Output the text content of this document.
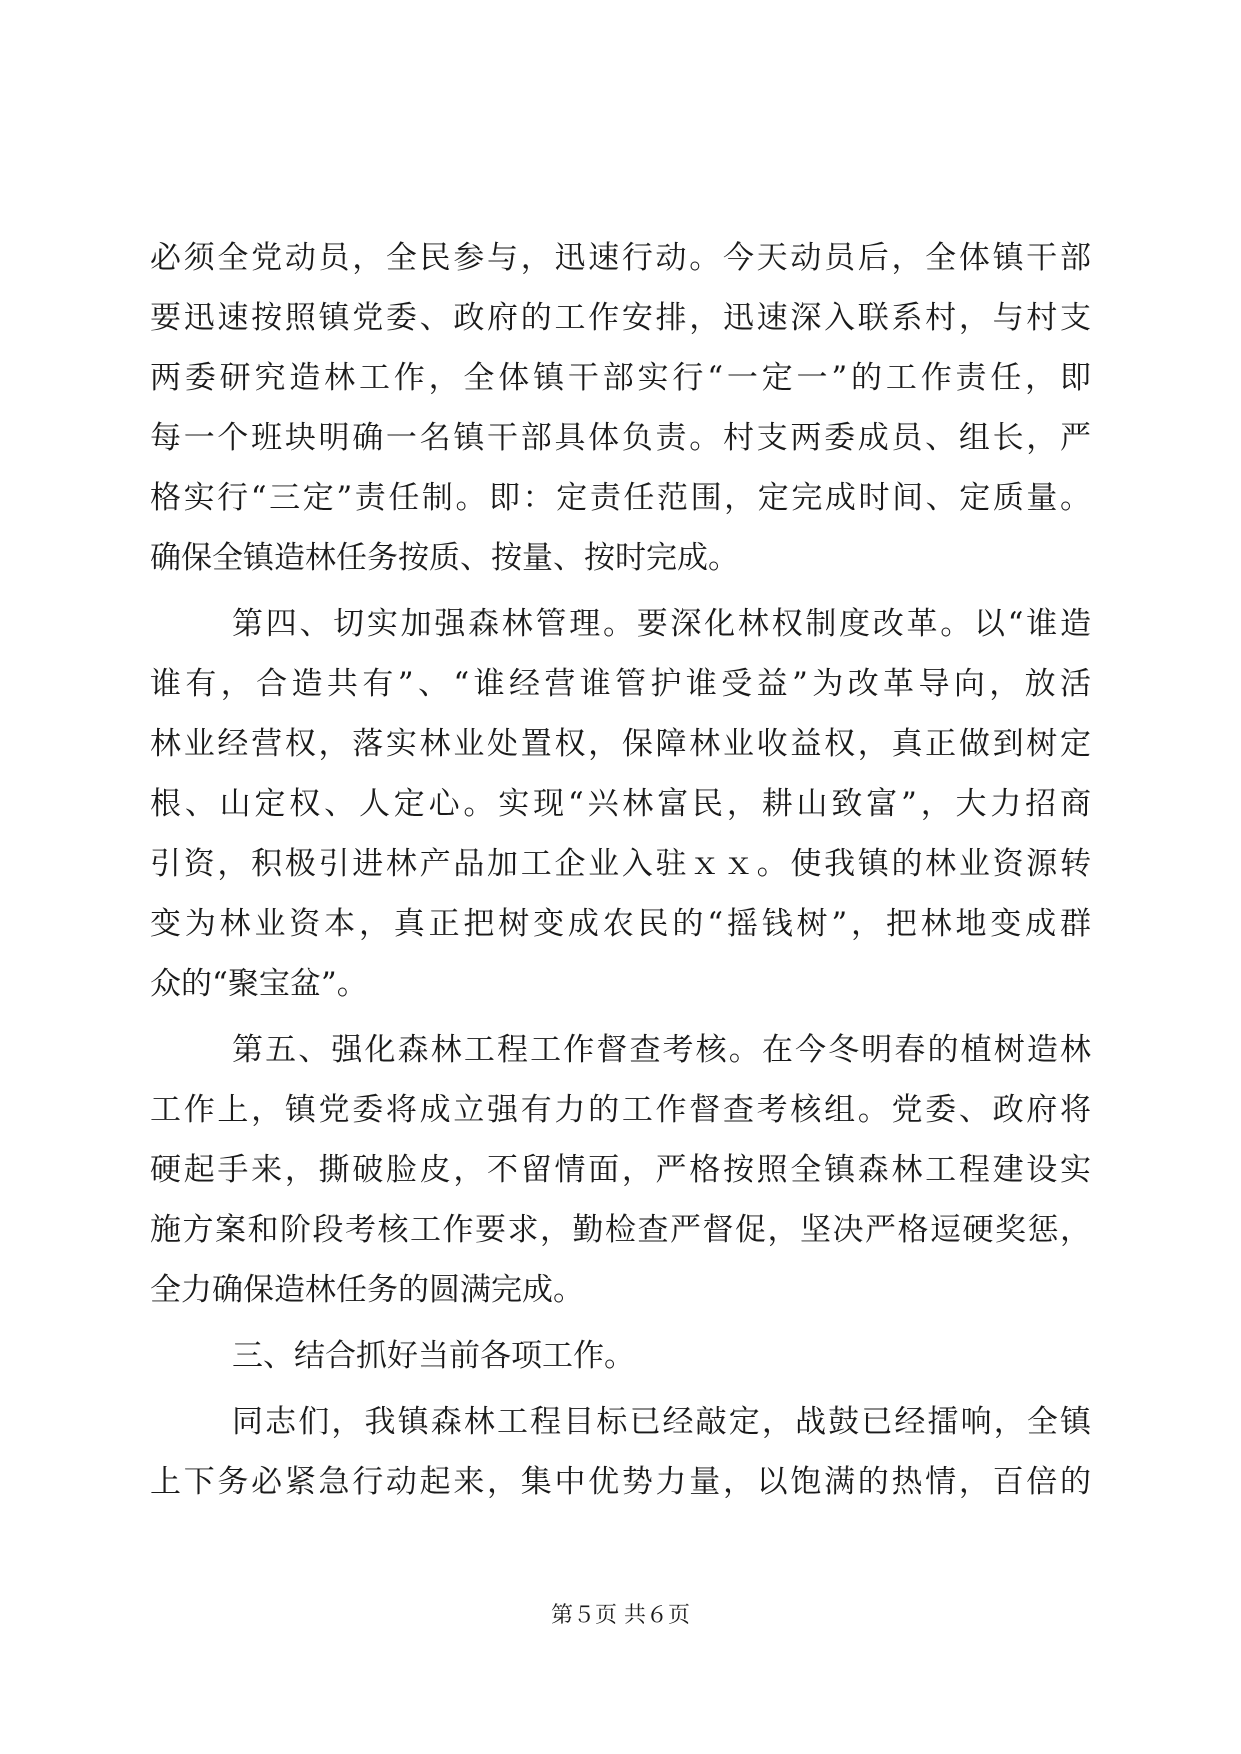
必须全党动员，全民参与，迅速行动。今天动员后，全体镇干部
要迅速按照镇党委、政府的工作安排，迅速深入联系村，与村支
两委研究造林工作，全体镇干部实行“一定一”的工作责任，即
每一个班块明确一名镇干部具体负责。村支两委成员、组长，严
格实行“三定”责任制。即：定责任范围，定完成时间、定质量。
确保全镇造林任务按质、按量、按时完成。
第四、切实加强森林管理。要深化林权制度改革。以“谁造
谁有，合造共有”、“谁经营谁管护谁受益”为改革导向，放活
林业经营权，落实林业处置权，保障林业收益权，真正做到树定
根、山定权、人定心。实现“兴林富民，耕山致富”，大力招商
引资，积极引进林产品加工企业入驻ｘｘ。使我镇的林业资源转
变为林业资本，真正把树变成农民的“摇钱树”，把林地变成群
众的“聚宝盆”。
第五、强化森林工程工作督查考核。在今冬明春的植树造林
工作上，镇党委将成立强有力的工作督查考核组。党委、政府将
硬起手来，撕破脸皮，不留情面，严格按照全镇森林工程建设实
施方案和阶段考核工作要求，勤检查严督促，坚决严格逗硬奖惩，
全力确保造林任务的圆满完成。
三、结合抓好当前各项工作。
同志们，我镇森林工程目标已经敲定，战鼓已经擂响，全镇
上下务必紧急行动起来，集中优势力量，以饱满的热情，百倍的
第５页 共６页
